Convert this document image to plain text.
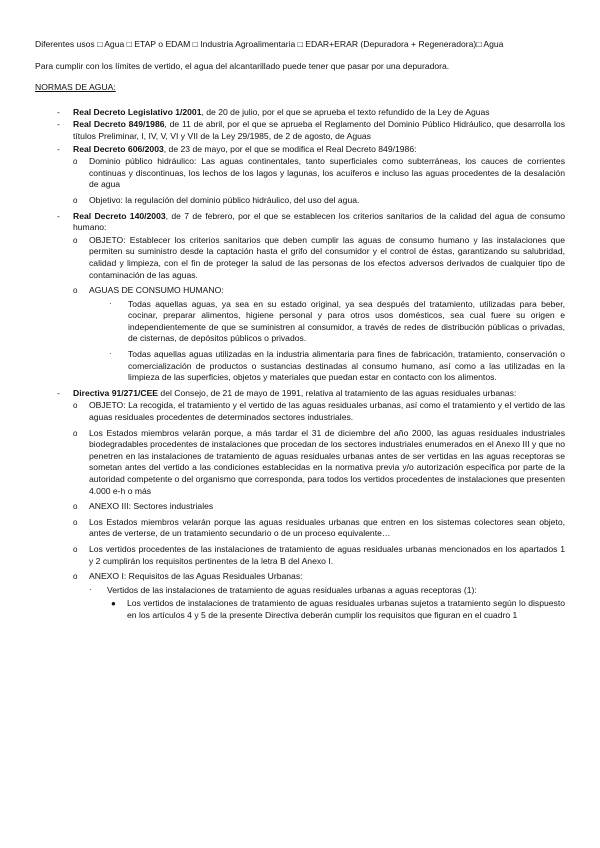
Diferentes usos □ Agua □ ETAP o EDAM □ Industria Agroalimentaria □ EDAR+ERAR (Depuradora + Regeneradora)□ Agua

Para cumplir con los límites de vertido, el agua del alcantarillado puede tener que pasar por una depuradora.

NORMAS DE AGUA:

- Real Decreto Legislativo 1/2001, de 20 de julio, por el que se aprueba el texto refundido de la Ley de Aguas

- Real Decreto 849/1986, de 11 de abril, por el que se aprueba el Reglamento del Dominio Público Hidráulico, que desarrolla los títulos Preliminar, I, IV, V, VI y VII de la Ley 29/1985, de 2 de agosto, de Aguas

- Real Decreto 606/2003, de 23 de mayo, por el que se modifica el Real Decreto 849/1986:

o Dominio público hidráulico: Las aguas continentales, tanto superficiales como subterráneas, los cauces de corrientes continuas y discontinuas, los lechos de los lagos y lagunas, los acuíferos e incluso las aguas procedentes de la desalación de agua

o Objetivo: la regulación del dominio público hidráulico, del uso del agua.

- Real Decreto 140/2003, de 7 de febrero, por el que se establecen los criterios sanitarios de la calidad del agua de consumo humano:

o OBJETO: Establecer los criterios sanitarios que deben cumplir las aguas de consumo humano y las instalaciones que permiten su suministro desde la captación hasta el grifo del consumidor y el control de éstas, garantizando su salubridad, calidad y limpieza, con el fin de proteger la salud de las personas de los efectos adversos derivados de cualquier tipo de contaminación de las aguas.

o AGUAS DE CONSUMO HUMANO:

· Todas aquellas aguas, ya sea en su estado original, ya sea después del tratamiento, utilizadas para beber, cocinar, preparar alimentos, higiene personal y para otros usos domésticos, sea cual fuere su origen e independientemente de que se suministren al consumidor, a través de redes de distribución públicas o privadas, de cisternas, de depósitos públicos o privados.

· Todas aquellas aguas utilizadas en la industria alimentaria para fines de fabricación, tratamiento, conservación o comercialización de productos o sustancias destinadas al consumo humano, así como a las utilizadas en la limpieza de las superficies, objetos y materiales que puedan estar en contacto con los alimentos.

- Directiva 91/271/CEE del Consejo, de 21 de mayo de 1991, relativa al tratamiento de las aguas residuales urbanas:

o OBJETO: La recogida, el tratamiento y el vertido de las aguas residuales urbanas, así como el tratamiento y el vertido de las aguas residuales procedentes de determinados sectores industriales.

o Los Estados miembros velarán porque, a más tardar el 31 de diciembre del año 2000, las aguas residuales industriales biodegradables procedentes de instalaciones que procedan de los sectores industriales enumerados en el Anexo III y que no penetren en las instalaciones de tratamiento de aguas residuales urbanas antes de ser vertidas en las aguas receptoras se sometan antes del vertido a las condiciones establecidas en la normativa previa y/o autorización específica por parte de la autoridad competente o del organismo que corresponda, para todos los vertidos procedentes de instalaciones que presenten 4.000 e-h o más

o ANEXO III: Sectores industriales

o Los Estados miembros velarán porque las aguas residuales urbanas que entren en los sistemas colectores sean objeto, antes de verterse, de un tratamiento secundario o de un proceso equivalente…

o Los vertidos procedentes de las instalaciones de tratamiento de aguas residuales urbanas mencionados en los apartados 1 y 2 cumplirán los requisitos pertinentes de la letra B del Anexo I.

o ANEXO I: Requisitos de las Aguas Residuales Urbanas:

· Vertidos de las instalaciones de tratamiento de aguas residuales urbanas a aguas receptoras (1):

● Los vertidos de instalaciones de tratamiento de aguas residuales urbanas sujetos a tratamiento según lo dispuesto en los artículos 4 y 5 de la presente Directiva deberán cumplir los requisitos que figuran en el cuadro 1
